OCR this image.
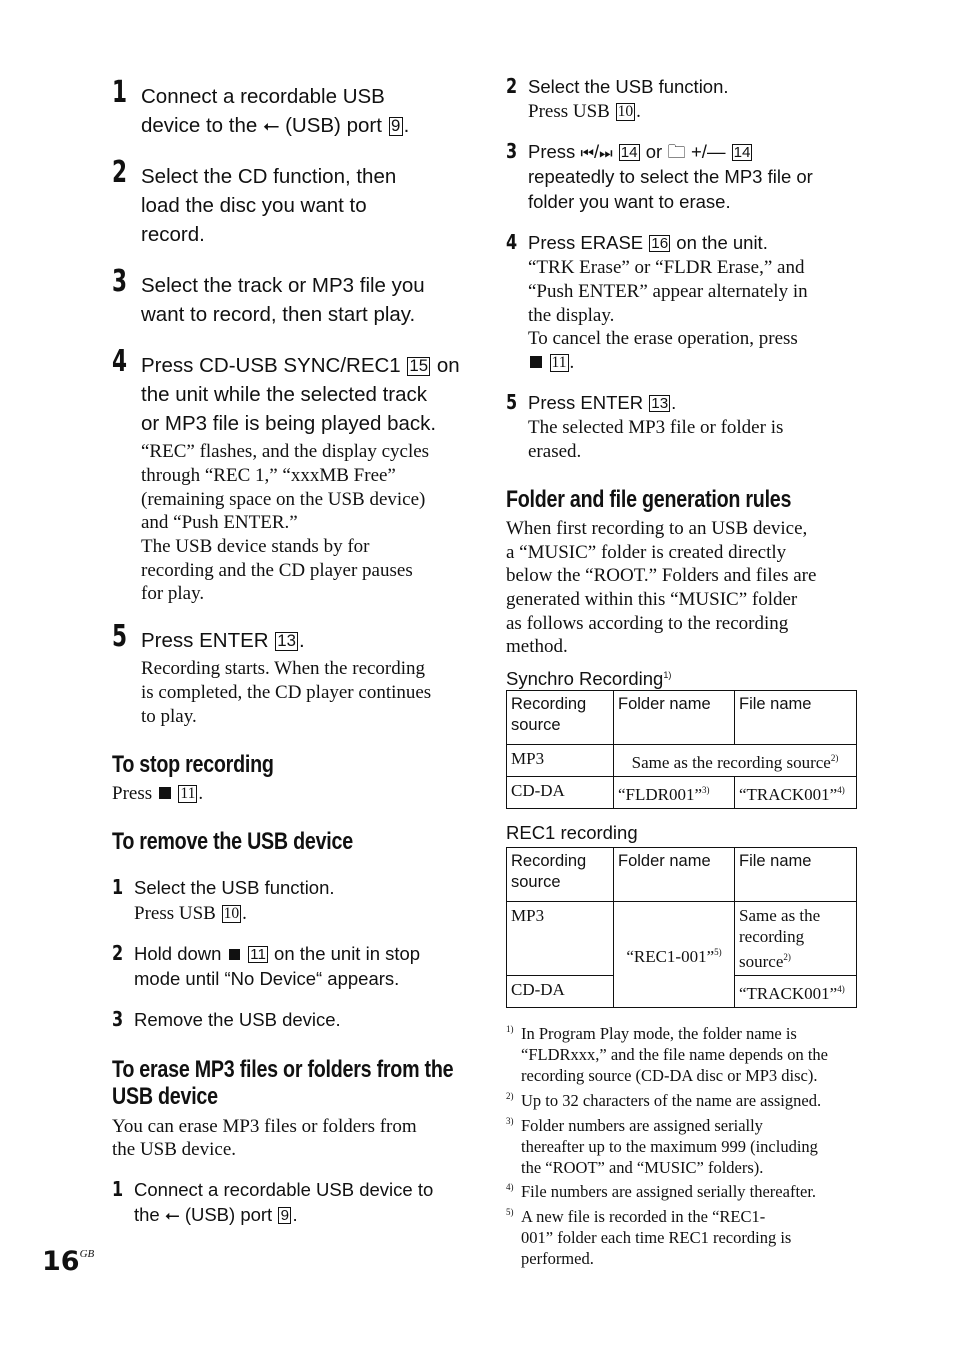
1 Connect a recordable USB
device to the ⭠ (USB) port 9 .
2 Select the CD function, then
load the disc you want to
record.
3 Select the track or MP3 file you
want to record, then start play.
4 Press CD-USB SYNC/REC1 15 on
the unit while the selected track
or MP3 file is being played back.
“REC” flashes, and the display cycles
through “REC 1,” “xxxMB Free”
(remaining space on the USB device)
and “Push ENTER.”
The USB device stands by for
recording and the CD player pauses
for play.
5 Press ENTER 13 .
Recording starts. When the recording
is completed, the CD player continues
to play.
To stop recording
Press 11 .
To remove the USB device
1 Select the USB function.
Press USB 10 .
2 Hold down 11 on the unit in stop
mode until “No Device“ appears.
3 Remove the USB device.
To erase MP3 files or folders from the
USB device
You can erase MP3 files or folders from
the USB device.
1 Connect a recordable USB device to
the ⭠ (USB) port 9 .
$16^{GB}$
2 Select the USB function.
Press USB 10 .
3 Press ⏮/⏭ 14 or 🗀 +/— 14
repeatedly to select the MP3 file or
folder you want to erase.
4 Press ERASE 16 on the unit.
“TRK Erase” or “FLDR Erase,” and
“Push ENTER” appear alternately in
the display.
To cancel the erase operation, press
11 .
5 Press ENTER 13 .
The selected MP3 file or folder is
erased.
Folder and file generation rules
When first recording to an USB device,
a “MUSIC” folder is created directly
below the “ROOT.” Folders and files are
generated within this “MUSIC” folder
as follows according to the recording
method.
Synchro Recording$^{1)}$
Recording source	Folder name	File name
MP3	Same as the recording source$^{2)}$
CD-DA	“FLDR001”$^{3)}$	“TRACK001”$^{4)}$
REC1 recording
Recording source	Folder name	File name
MP3	“REC1-001”$^{5)}$	Same as the recording source$^{2)}$
CD-DA		“TRACK001”$^{4)}$
1) In Program Play mode, the folder name is
“FLDRxxx,” and the file name depends on the
recording source (CD-DA disc or MP3 disc).
2) Up to 32 characters of the name are assigned.
3) Folder numbers are assigned serially
thereafter up to the maximum 999 (including
the “ROOT” and “MUSIC” folders).
4) File numbers are assigned serially thereafter.
5) A new file is recorded in the “REC1-
001” folder each time REC1 recording is
performed.
